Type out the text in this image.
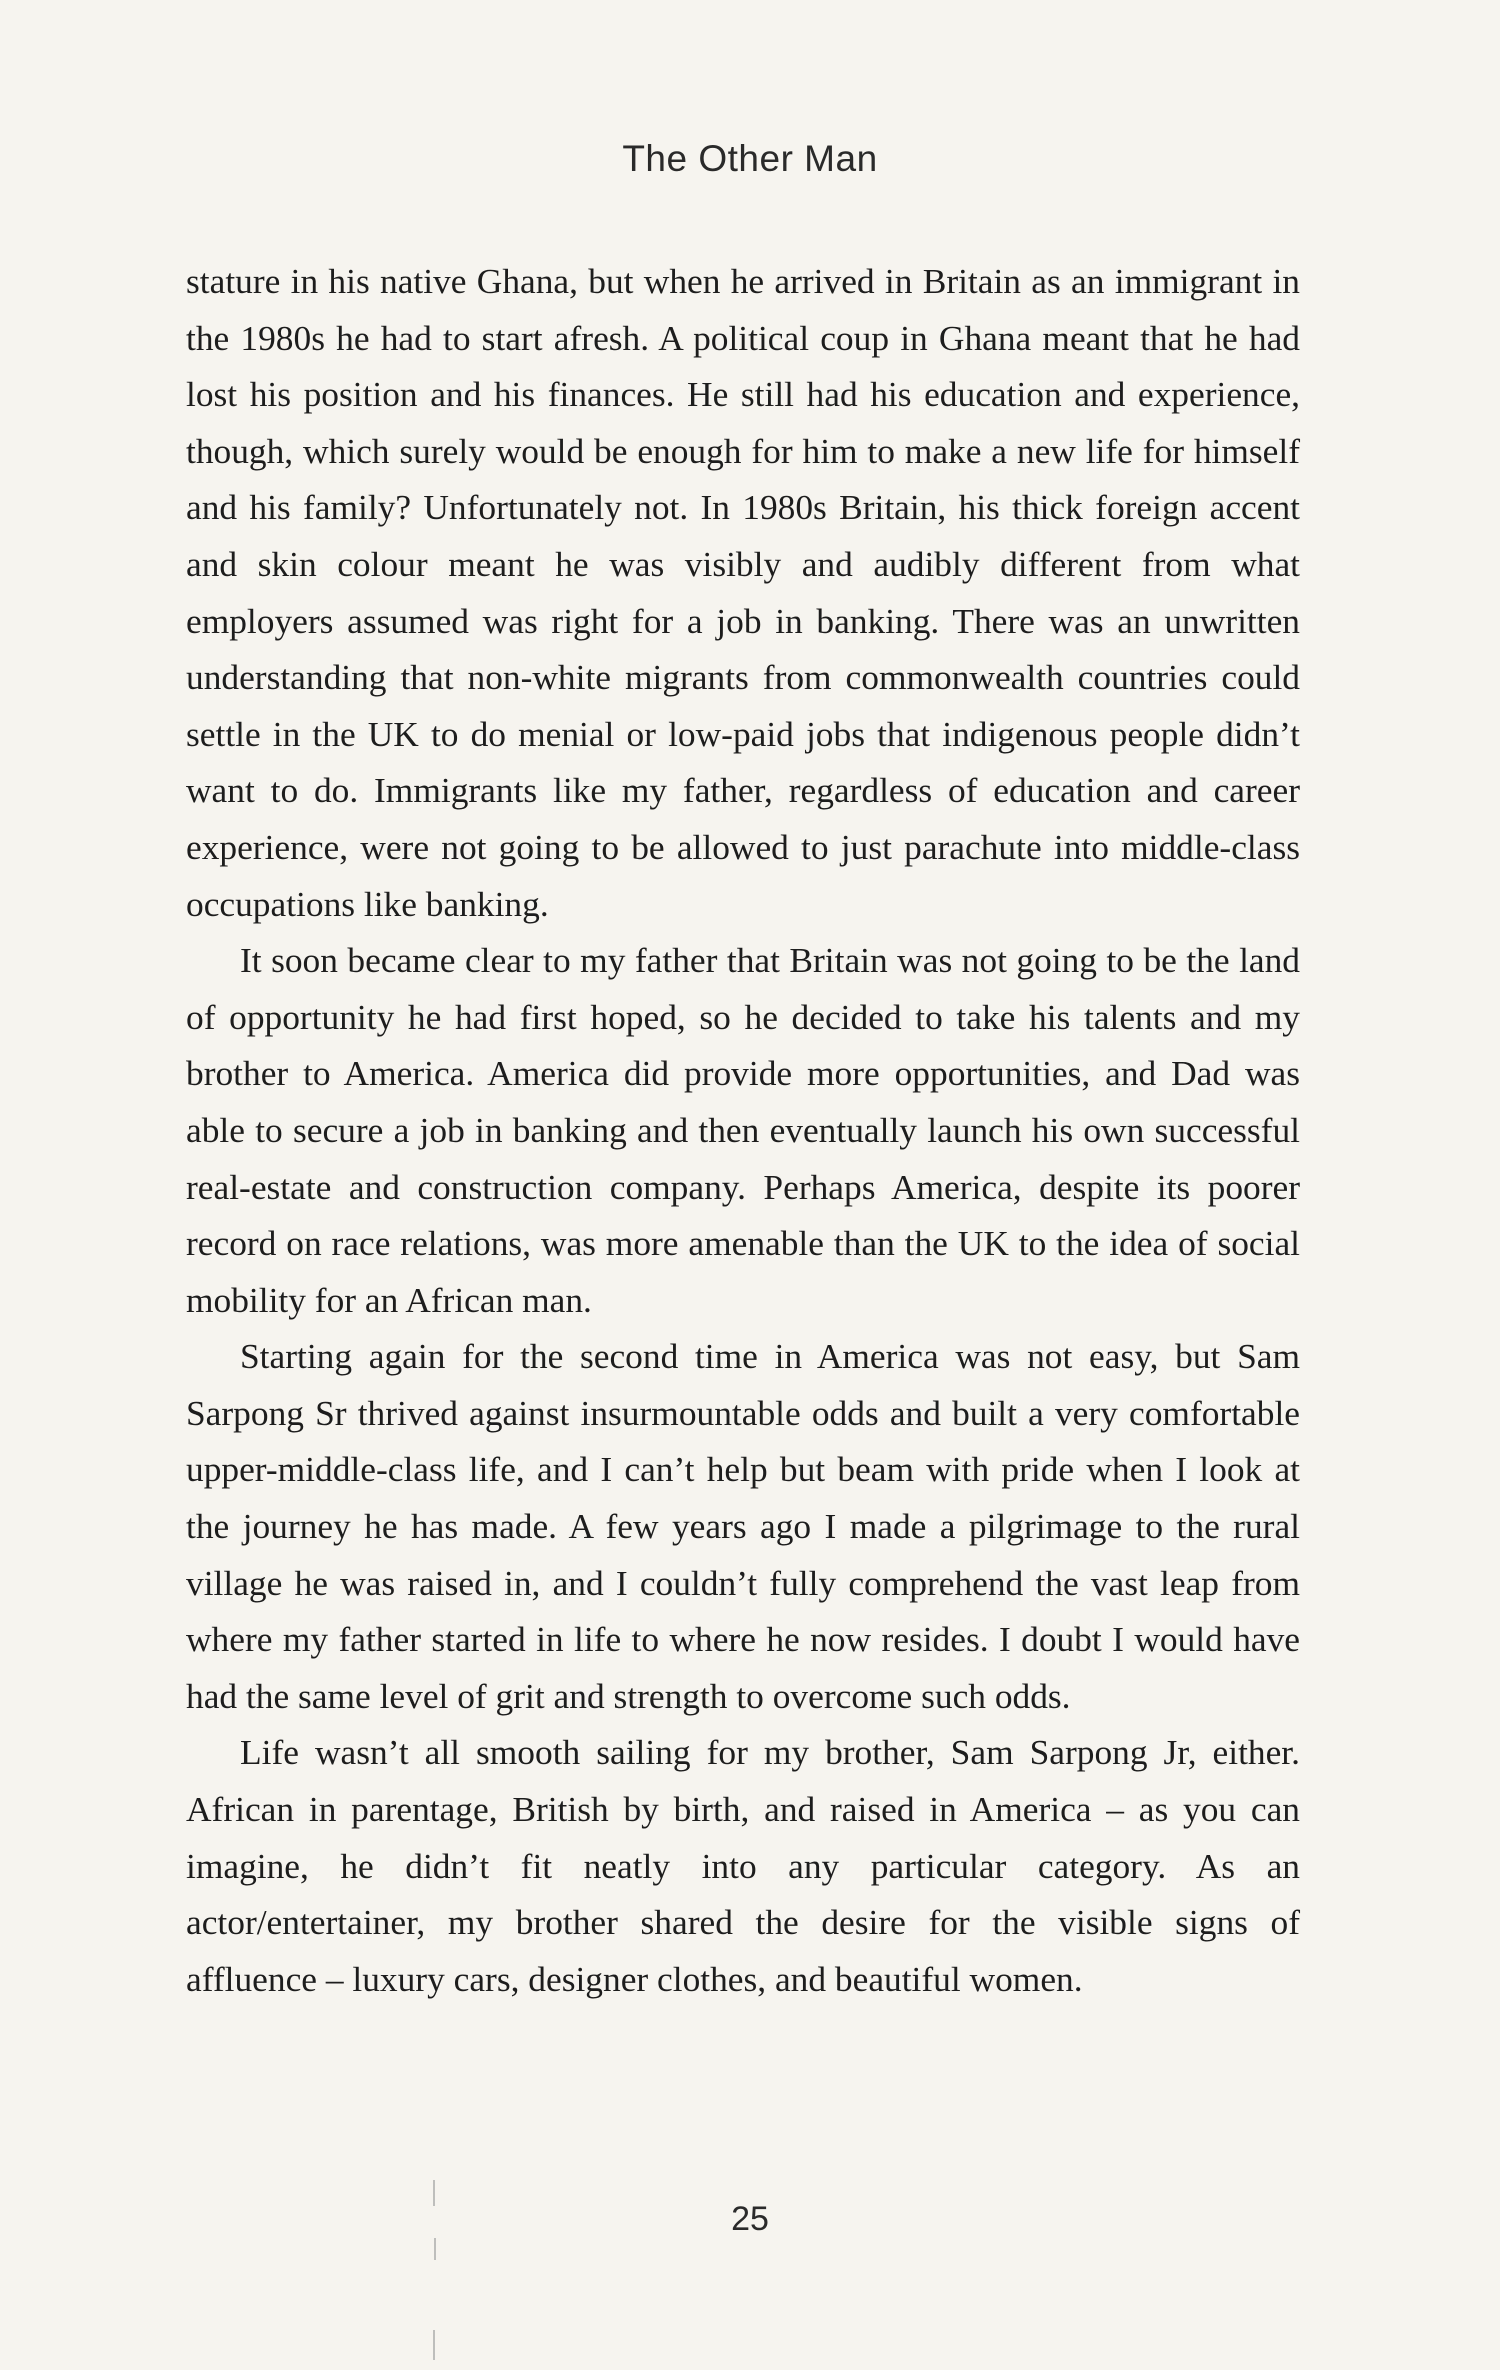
The Other Man

stature in his native Ghana, but when he arrived in Britain as an immigrant in the 1980s he had to start afresh. A political coup in Ghana meant that he had lost his position and his finances. He still had his education and experience, though, which surely would be enough for him to make a new life for himself and his family? Unfortunately not. In 1980s Britain, his thick foreign accent and skin colour meant he was visibly and audibly different from what employers assumed was right for a job in banking. There was an unwritten understanding that non-white migrants from commonwealth countries could settle in the UK to do menial or low-paid jobs that indigenous people didn’t want to do. Immigrants like my father, regardless of education and career experience, were not going to be allowed to just parachute into middle-class occupations like banking.

It soon became clear to my father that Britain was not going to be the land of opportunity he had first hoped, so he decided to take his talents and my brother to America. America did provide more opportunities, and Dad was able to secure a job in banking and then eventually launch his own successful real-estate and construction company. Perhaps America, despite its poorer record on race relations, was more amenable than the UK to the idea of social mobility for an African man.

Starting again for the second time in America was not easy, but Sam Sarpong Sr thrived against insurmountable odds and built a very comfortable upper-middle-class life, and I can’t help but beam with pride when I look at the journey he has made. A few years ago I made a pilgrimage to the rural village he was raised in, and I couldn’t fully comprehend the vast leap from where my father started in life to where he now resides. I doubt I would have had the same level of grit and strength to overcome such odds.

Life wasn’t all smooth sailing for my brother, Sam Sarpong Jr, either. African in parentage, British by birth, and raised in America – as you can imagine, he didn’t fit neatly into any particular category. As an actor/entertainer, my brother shared the desire for the visible signs of affluence – luxury cars, designer clothes, and beautiful women.

25
